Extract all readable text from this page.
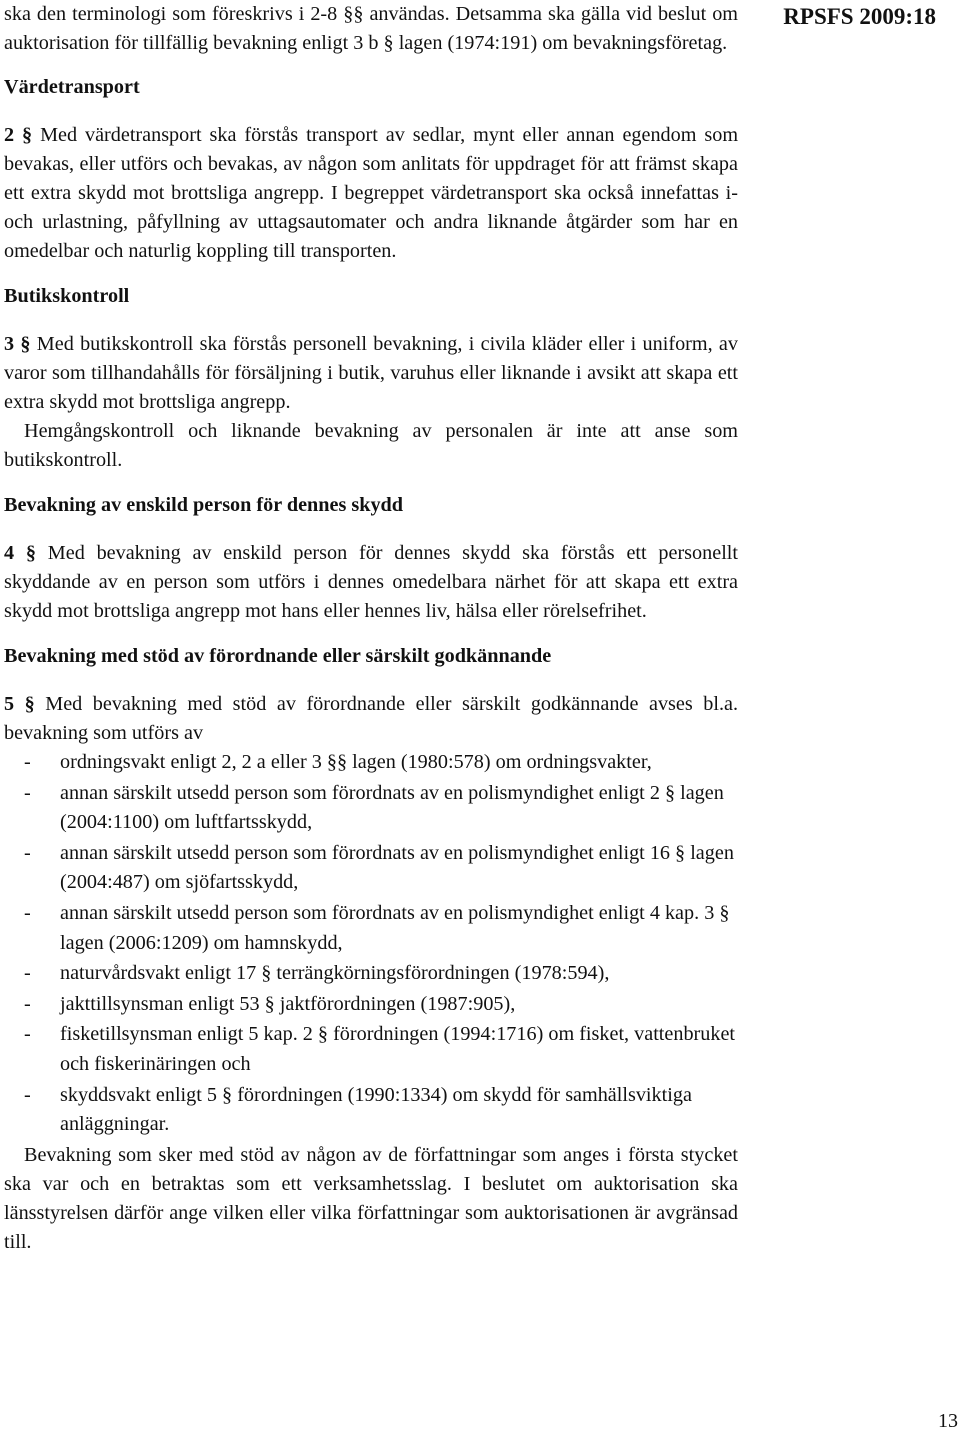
RPSFS 2009:18

ska den terminologi som föreskrivs i 2-8 §§ användas. Detsamma ska gälla vid beslut om auktorisation för tillfällig bevakning enligt 3 b § lagen (1974:191) om bevakningsföretag.

Värdetransport

2 § Med värdetransport ska förstås transport av sedlar, mynt eller annan egendom som bevakas, eller utförs och bevakas, av någon som anlitats för uppdraget för att främst skapa ett extra skydd mot brottsliga angrepp. I begreppet värdetransport ska också innefattas i- och urlastning, påfyllning av uttagsautomater och andra liknande åtgärder som har en omedelbar och naturlig koppling till transporten.

Butikskontroll

3 § Med butikskontroll ska förstås personell bevakning, i civila kläder eller i uniform, av varor som tillhandahålls för försäljning i butik, varuhus eller liknande i avsikt att skapa ett extra skydd mot brottsliga angrepp.

Hemgångskontroll och liknande bevakning av personalen är inte att anse som butikskontroll.

Bevakning av enskild person för dennes skydd

4 § Med bevakning av enskild person för dennes skydd ska förstås ett personellt skyddande av en person som utförs i dennes omedelbara närhet för att skapa ett extra skydd mot brottsliga angrepp mot hans eller hennes liv, hälsa eller rörelsefrihet.

Bevakning med stöd av förordnande eller särskilt godkännande

5 § Med bevakning med stöd av förordnande eller särskilt godkännande avses bl.a. bevakning som utförs av

- ordningsvakt enligt 2, 2 a eller 3 §§ lagen (1980:578) om ordningsvakter,
- annan särskilt utsedd person som förordnats av en polismyndighet enligt 2 § lagen (2004:1100) om luftfartsskydd,
- annan särskilt utsedd person som förordnats av en polismyndighet enligt 16 § lagen (2004:487) om sjöfartsskydd,
- annan särskilt utsedd person som förordnats av en polismyndighet enligt 4 kap. 3 § lagen (2006:1209) om hamnskydd,
- naturvårdsvakt enligt 17 § terrängkörningsförordningen (1978:594),
- jakttillsynsman enligt 53 § jaktförordningen (1987:905),
- fisketillsynsman enligt 5 kap. 2 § förordningen (1994:1716) om fisket, vattenbruket och fiskerinäringen och
- skyddsvakt enligt 5 § förordningen (1990:1334) om skydd för samhällsviktiga anläggningar.

Bevakning som sker med stöd av någon av de författningar som anges i första stycket ska var och en betraktas som ett verksamhetsslag. I beslutet om auktorisation ska länsstyrelsen därför ange vilken eller vilka författningar som auktorisationen är avgränsad till.

13
